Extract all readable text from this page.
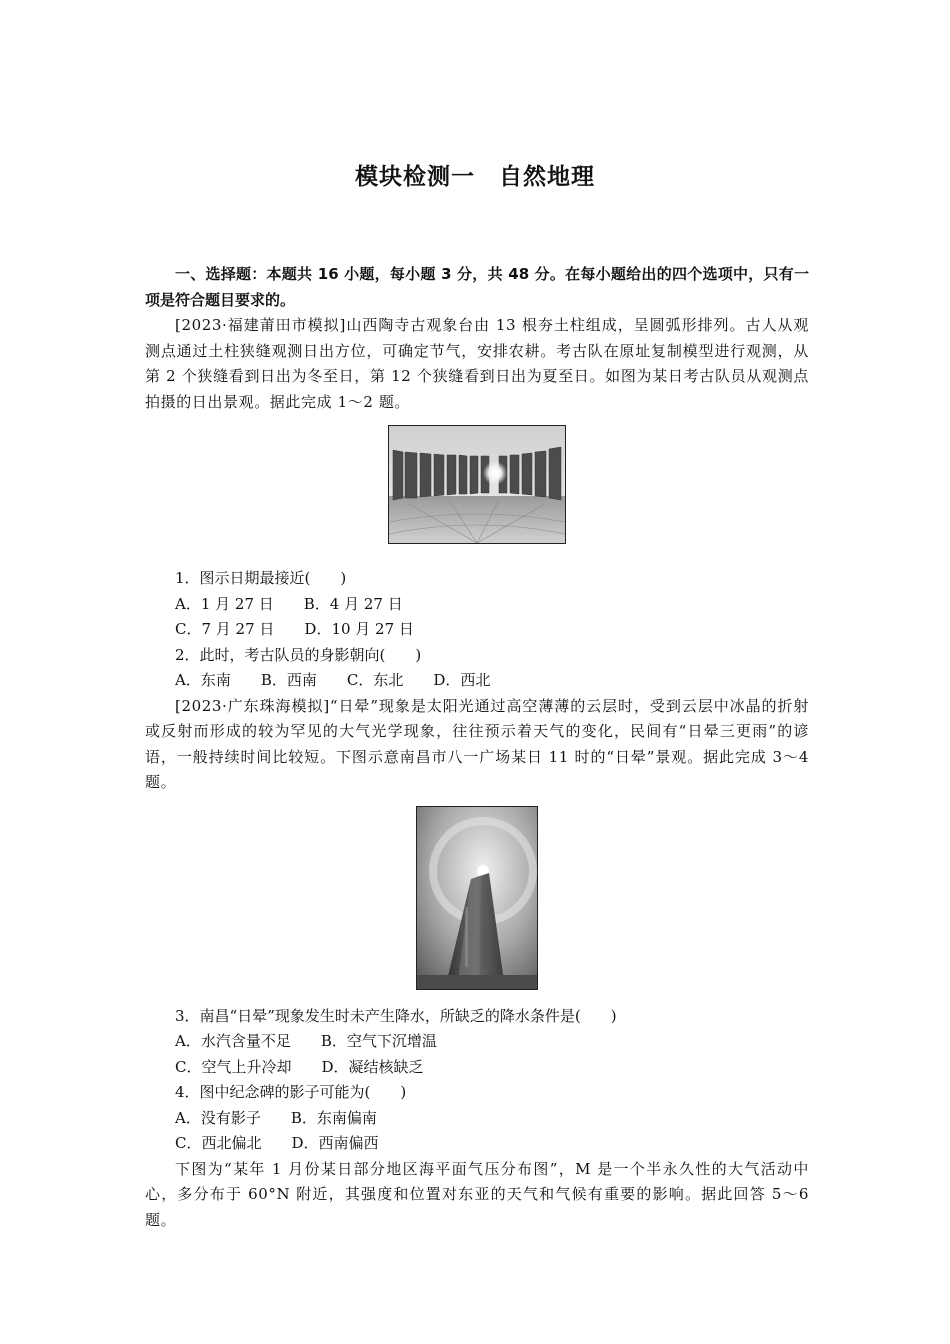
模块检测一　自然地理
一、选择题：本题共 16 小题，每小题 3 分，共 48 分。在每小题给出的四个选项中，只有一项是符合题目要求的。
[2023·福建莆田市模拟]山西陶寺古观象台由 13 根夯土柱组成，呈圆弧形排列。古人从观测点通过土柱狭缝观测日出方位，可确定节气，安排农耕。考古队在原址复制模型进行观测，从第 2 个狭缝看到日出为冬至日，第 12 个狭缝看到日出为夏至日。如图为某日考古队员从观测点拍摄的日出景观。据此完成 1～2 题。
1．图示日期最接近(　　)
A．1 月 27 日　　B．4 月 27 日
C．7 月 27 日　　D．10 月 27 日
2．此时，考古队员的身影朝向(　　)
A．东南　　B．西南　　C．东北　　D．西北
[2023·广东珠海模拟]“日晕”现象是太阳光通过高空薄薄的云层时，受到云层中冰晶的折射或反射而形成的较为罕见的大气光学现象，往往预示着天气的变化，民间有“日晕三更雨”的谚语，一般持续时间比较短。下图示意南昌市八一广场某日 11 时的“日晕”景观。据此完成 3～4 题。
3．南昌“日晕”现象发生时未产生降水，所缺乏的降水条件是(　　)
A．水汽含量不足　　B．空气下沉增温
C．空气上升冷却　　D．凝结核缺乏
4．图中纪念碑的影子可能为(　　)
A．没有影子　　B．东南偏南
C．西北偏北　　D．西南偏西
下图为“某年 1 月份某日部分地区海平面气压分布图”，M 是一个半永久性的大气活动中心，多分布于 60°N 附近，其强度和位置对东亚的天气和气候有重要的影响。据此回答 5～6 题。
